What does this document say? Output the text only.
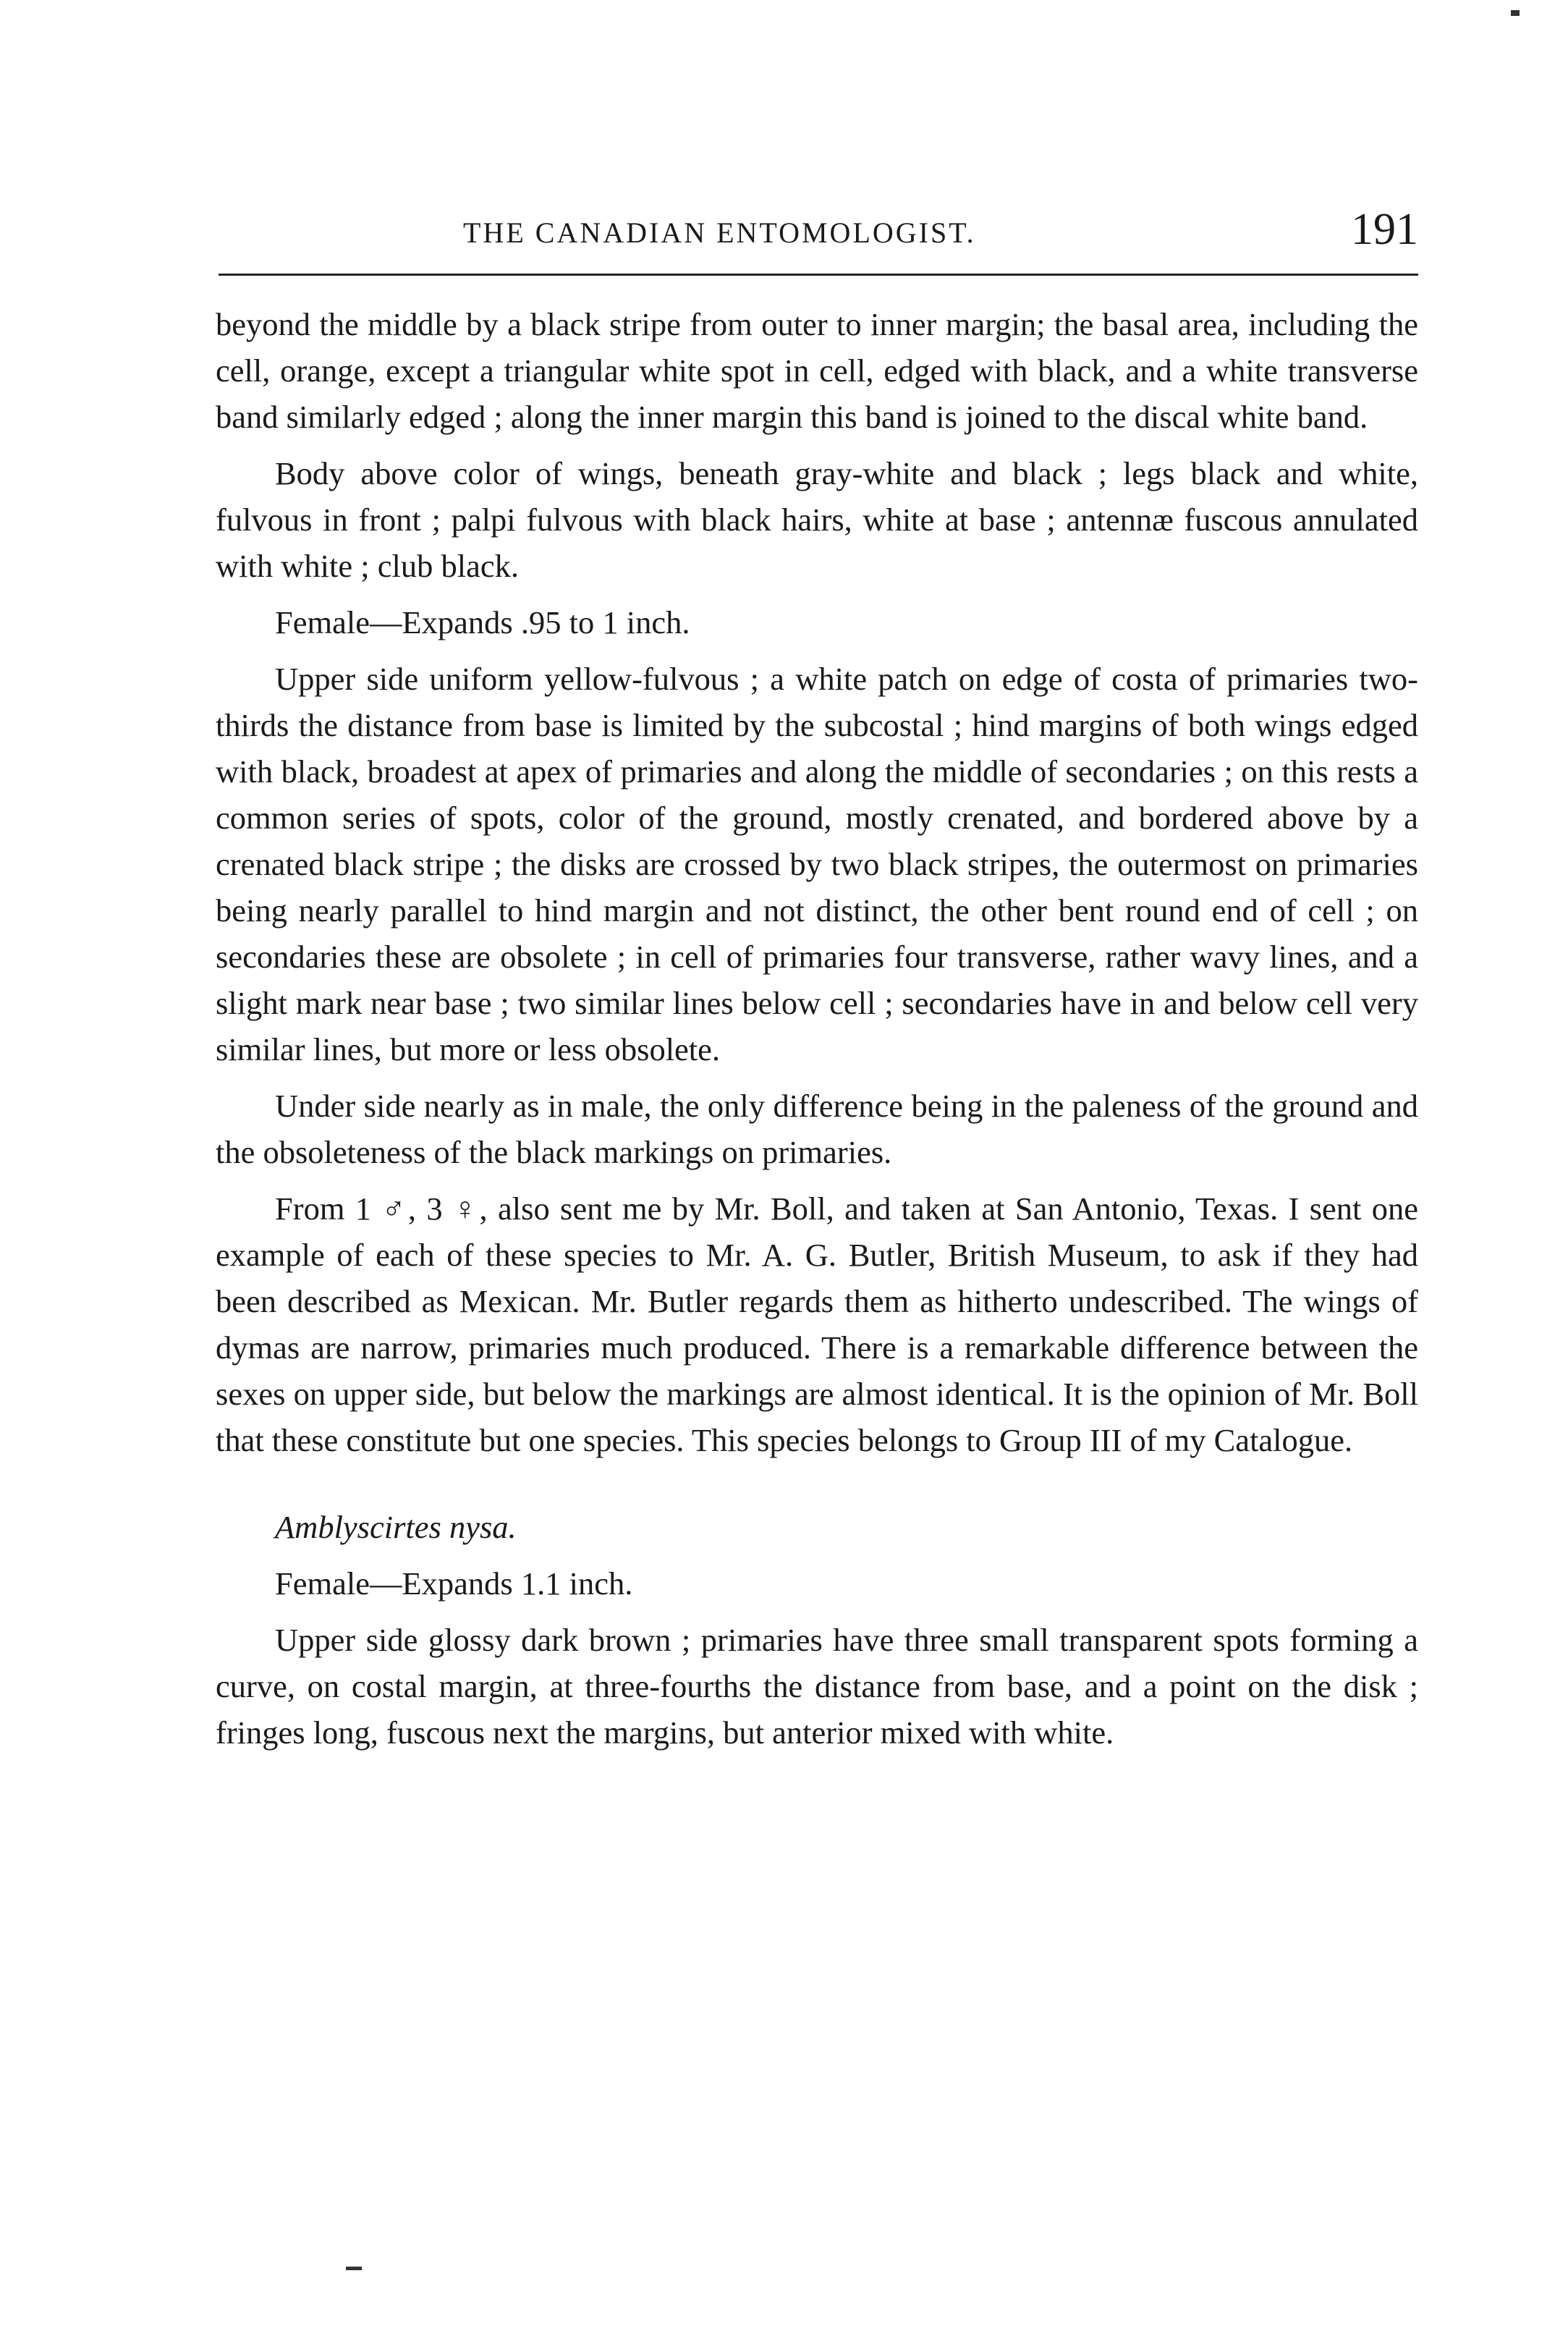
THE CANADIAN ENTOMOLOGIST.	191

beyond the middle by a black stripe from outer to inner margin; the basal area, including the cell, orange, except a triangular white spot in cell, edged with black, and a white transverse band similarly edged ; along the inner margin this band is joined to the discal white band.

Body above color of wings, beneath gray-white and black ; legs black and white, fulvous in front ; palpi fulvous with black hairs, white at base ; antennæ fuscous annulated with white ; club black.

Female—Expands .95 to 1 inch.

Upper side uniform yellow-fulvous ; a white patch on edge of costa of primaries two-thirds the distance from base is limited by the subcostal ; hind margins of both wings edged with black, broadest at apex of primaries and along the middle of secondaries ; on this rests a common series of spots, color of the ground, mostly crenated, and bordered above by a crenated black stripe ; the disks are crossed by two black stripes, the outermost on primaries being nearly parallel to hind margin and not distinct, the other bent round end of cell ; on secondaries these are obsolete ; in cell of primaries four transverse, rather wavy lines, and a slight mark near base ; two similar lines below cell ; secondaries have in and below cell very similar lines, but more or less obsolete.

Under side nearly as in male, the only difference being in the paleness of the ground and the obsoleteness of the black markings on primaries.

From 1 ♂, 3 ♀, also sent me by Mr. Boll, and taken at San Antonio, Texas. I sent one example of each of these species to Mr. A. G. Butler, British Museum, to ask if they had been described as Mexican. Mr. Butler regards them as hitherto undescribed. The wings of dymas are narrow, primaries much produced. There is a remarkable difference between the sexes on upper side, but below the markings are almost identical. It is the opinion of Mr. Boll that these constitute but one species. This species belongs to Group III of my Catalogue.

Amblyscirtes nysa.

Female—Expands 1.1 inch.

Upper side glossy dark brown ; primaries have three small transparent spots forming a curve, on costal margin, at three-fourths the distance from base, and a point on the disk ; fringes long, fuscous next the margins, but anterior mixed with white.
